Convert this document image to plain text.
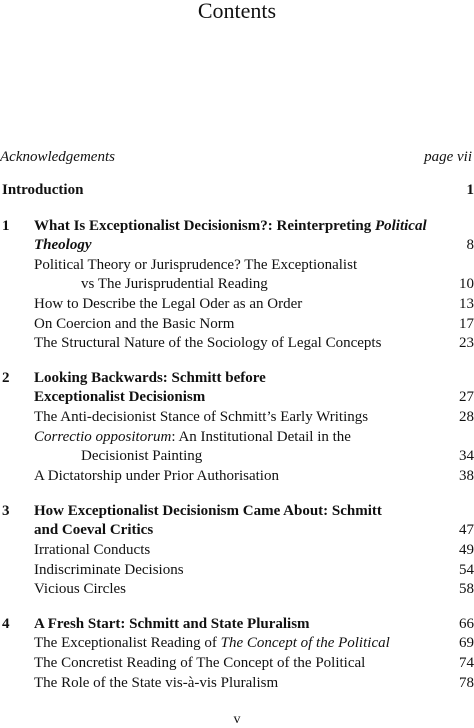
Contents
Acknowledgements	page vii
Introduction	1
1 What Is Exceptionalist Decisionism?: Reinterpreting Political
Theology	8
Political Theory or Jurisprudence? The Exceptionalist
vs The Jurisprudential Reading	10
How to Describe the Legal Oder as an Order	13
On Coercion and the Basic Norm	17
The Structural Nature of the Sociology of Legal Concepts	23
2 Looking Backwards: Schmitt before
Exceptionalist Decisionism	27
The Anti-decisionist Stance of Schmitt’s Early Writings	28
Correctio oppositorum: An Institutional Detail in the
Decisionist Painting	34
A Dictatorship under Prior Authorisation	38
3 How Exceptionalist Decisionism Came About: Schmitt
and Coeval Critics	47
Irrational Conducts	49
Indiscriminate Decisions	54
Vicious Circles	58
4 A Fresh Start: Schmitt and State Pluralism	66
The Exceptionalist Reading of The Concept of the Political	69
The Concretist Reading of The Concept of the Political	74
The Role of the State vis-à-vis Pluralism	78
v
